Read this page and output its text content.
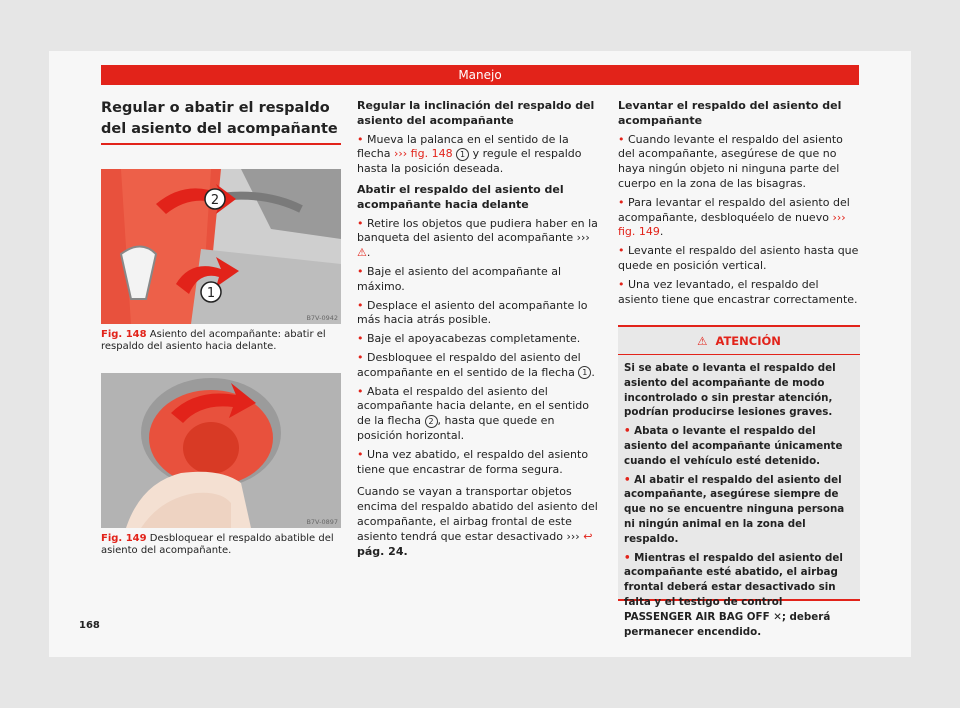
Manejo
Regular o abatir el respaldo del asiento del acompañante
2
1
B7V-0942
Fig. 148 Asiento del acompañante: abatir el respaldo del asiento hacia delante.
B7V-0897
Fig. 149 Desbloquear el respaldo abatible del asiento del acompañante.

Regular la inclinación del respaldo del asiento del acompañante

• Mueva la palanca en el sentido de la flecha ››› fig. 148 1 y regule el respaldo hasta la posición deseada.

Abatir el respaldo del asiento del acompañante hacia delante

• Retire los objetos que pudiera haber en la banqueta del asiento del acompañante ››› ⚠.

• Baje el asiento del acompañante al máximo.

• Desplace el asiento del acompañante lo más hacia atrás posible.

• Baje el apoyacabezas completamente.

• Desbloquee el respaldo del asiento del acompañante en el sentido de la flecha 1 .

• Abata el respaldo del asiento del acompañante hacia delante, en el sentido de la flecha 2 , hasta que quede en posición horizontal.

• Una vez abatido, el respaldo del asiento tiene que encastrar de forma segura.

Cuando se vayan a transportar objetos encima del respaldo abatido del asiento del acompañante, el airbag frontal de este asiento tendrá que estar desactivado ››› ↩ pág. 24.

Levantar el respaldo del asiento del acompañante

• Cuando levante el respaldo del asiento del acompañante, asegúrese de que no haya ningún objeto ni ninguna parte del cuerpo en la zona de las bisagras.

• Para levantar el respaldo del asiento del acompañante, desbloquéelo de nuevo ››› fig. 149.

• Levante el respaldo del asiento hasta que quede en posición vertical.

• Una vez levantado, el respaldo del asiento tiene que encastrar correctamente.

⚠ ATENCIÓN

Si se abate o levanta el respaldo del asiento del acompañante de modo incontrolado o sin prestar atención, podrían producirse lesiones graves.

• Abata o levante el respaldo del asiento del acompañante únicamente cuando el vehículo esté detenido.

• Al abatir el respaldo del asiento del acompañante, asegúrese siempre de que no se encuentre ninguna persona ni ningún animal en la zona del respaldo.

• Mientras el respaldo del asiento del acompañante esté abatido, el airbag frontal deberá estar desactivado sin falta y el testigo de control PASSENGER AIR BAG OFF ✕; deberá permanecer encendido.

168
